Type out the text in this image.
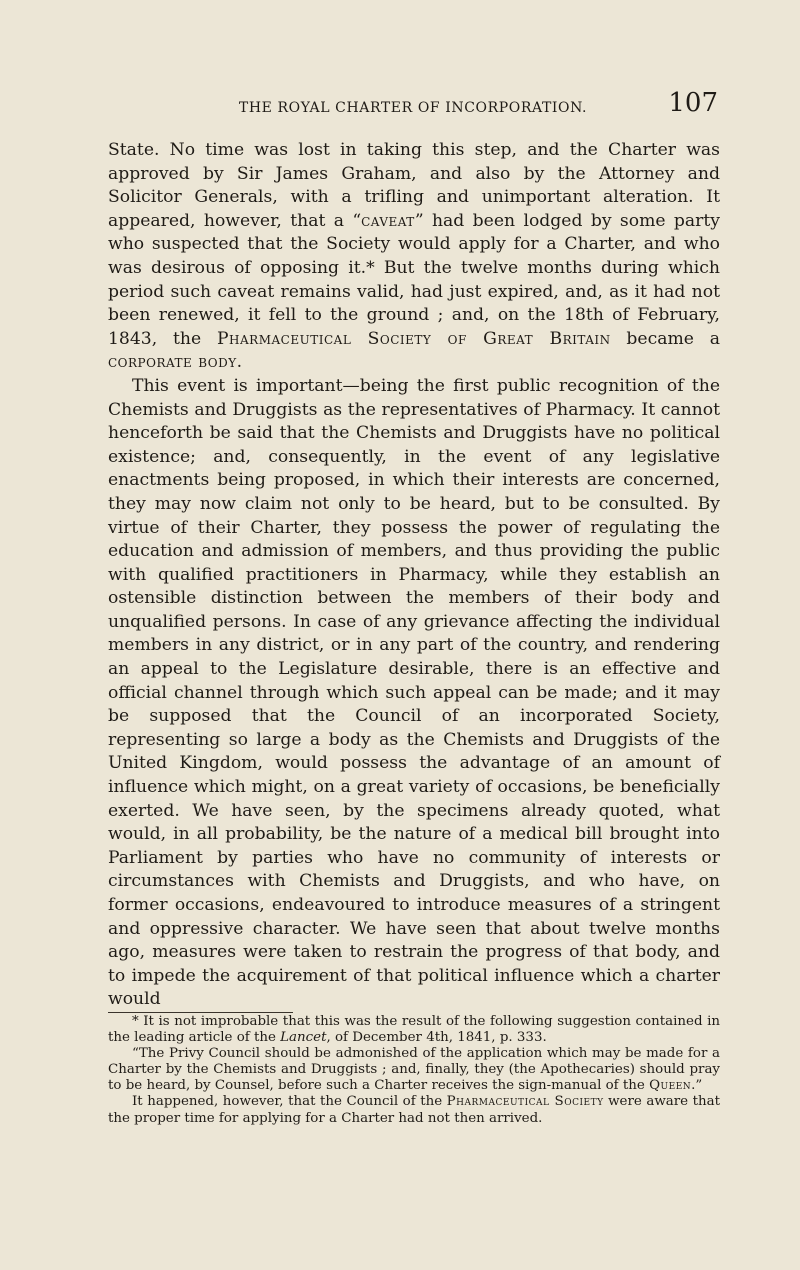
THE ROYAL CHARTER OF INCORPORATION.	107

State. No time was lost in taking this step, and the Charter was approved by Sir James Graham, and also by the Attorney and Solicitor Generals, with a trifling and unimportant alteration. It appeared, however, that a “caveat” had been lodged by some party who suspected that the Society would apply for a Charter, and who was desirous of opposing it.* But the twelve months during which period such caveat remains valid, had just expired, and, as it had not been renewed, it fell to the ground ; and, on the 18th of February, 1843, the Pharmaceutical Society of Great Britain became a corporate body.

This event is important—being the first public recognition of the Chemists and Druggists as the representatives of Pharmacy. It cannot henceforth be said that the Chemists and Druggists have no political existence; and, consequently, in the event of any legislative enactments being proposed, in which their interests are concerned, they may now claim not only to be heard, but to be consulted. By virtue of their Charter, they possess the power of regulating the education and admission of members, and thus providing the public with qualified practitioners in Pharmacy, while they establish an ostensible distinction between the members of their body and unqualified persons. In case of any grievance affecting the individual members in any district, or in any part of the country, and rendering an appeal to the Legislature desirable, there is an effective and official channel through which such appeal can be made; and it may be supposed that the Council of an incorporated Society, representing so large a body as the Chemists and Druggists of the United Kingdom, would possess the advantage of an amount of influence which might, on a great variety of occasions, be beneficially exerted. We have seen, by the specimens already quoted, what would, in all probability, be the nature of a medical bill brought into Parliament by parties who have no community of interests or circumstances with Chemists and Druggists, and who have, on former occasions, endeavoured to introduce measures of a stringent and oppressive character. We have seen that about twelve months ago, measures were taken to restrain the progress of that body, and to impede the acquirement of that political influence which a charter would

* It is not improbable that this was the result of the following suggestion contained in the leading article of the Lancet, of December 4th, 1841, p. 333.

“The Privy Council should be admonished of the application which may be made for a Charter by the Chemists and Druggists ; and, finally, they (the Apothecaries) should pray to be heard, by Counsel, before such a Charter receives the sign-manual of the Queen.”

It happened, however, that the Council of the Pharmaceutical Society were aware that the proper time for applying for a Charter had not then arrived.
